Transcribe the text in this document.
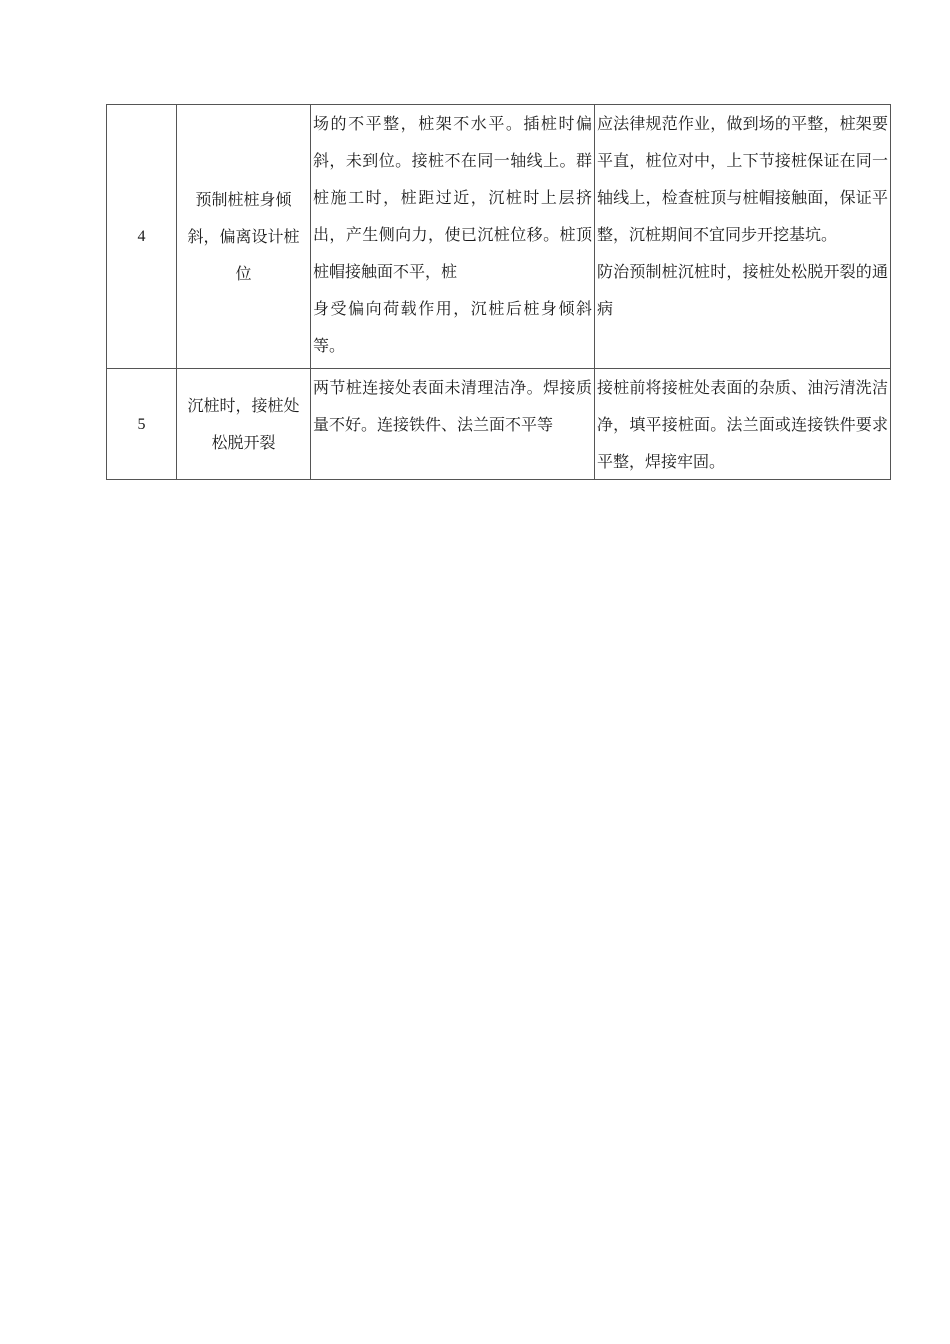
4	预制桩桩身倾斜，偏离设计桩位	场的不平整，桩架不水平。插桩时偏斜，未到位。接桩不在同一轴线上。群桩施工时，桩距过近，沉桩时上层挤出，产生侧向力，使已沉桩位移。桩顶桩帽接触面不平，桩
身受偏向荷载作用，沉桩后桩身倾斜等。	应法律规范作业，做到场的平整，桩架要平直，桩位对中，上下节接桩保证在同一轴线上，检查桩顶与桩帽接触面，保证平整，沉桩期间不宜同步开挖基坑。
防治预制桩沉桩时，接桩处松脱开裂的通病

5	沉桩时，接桩处松脱开裂	两节桩连接处表面未清理洁净。焊接质量不好。连接铁件、法兰面不平等	接桩前将接桩处表面的杂质、油污清洗洁净，填平接桩面。法兰面或连接铁件要求平整，焊接牢固。
